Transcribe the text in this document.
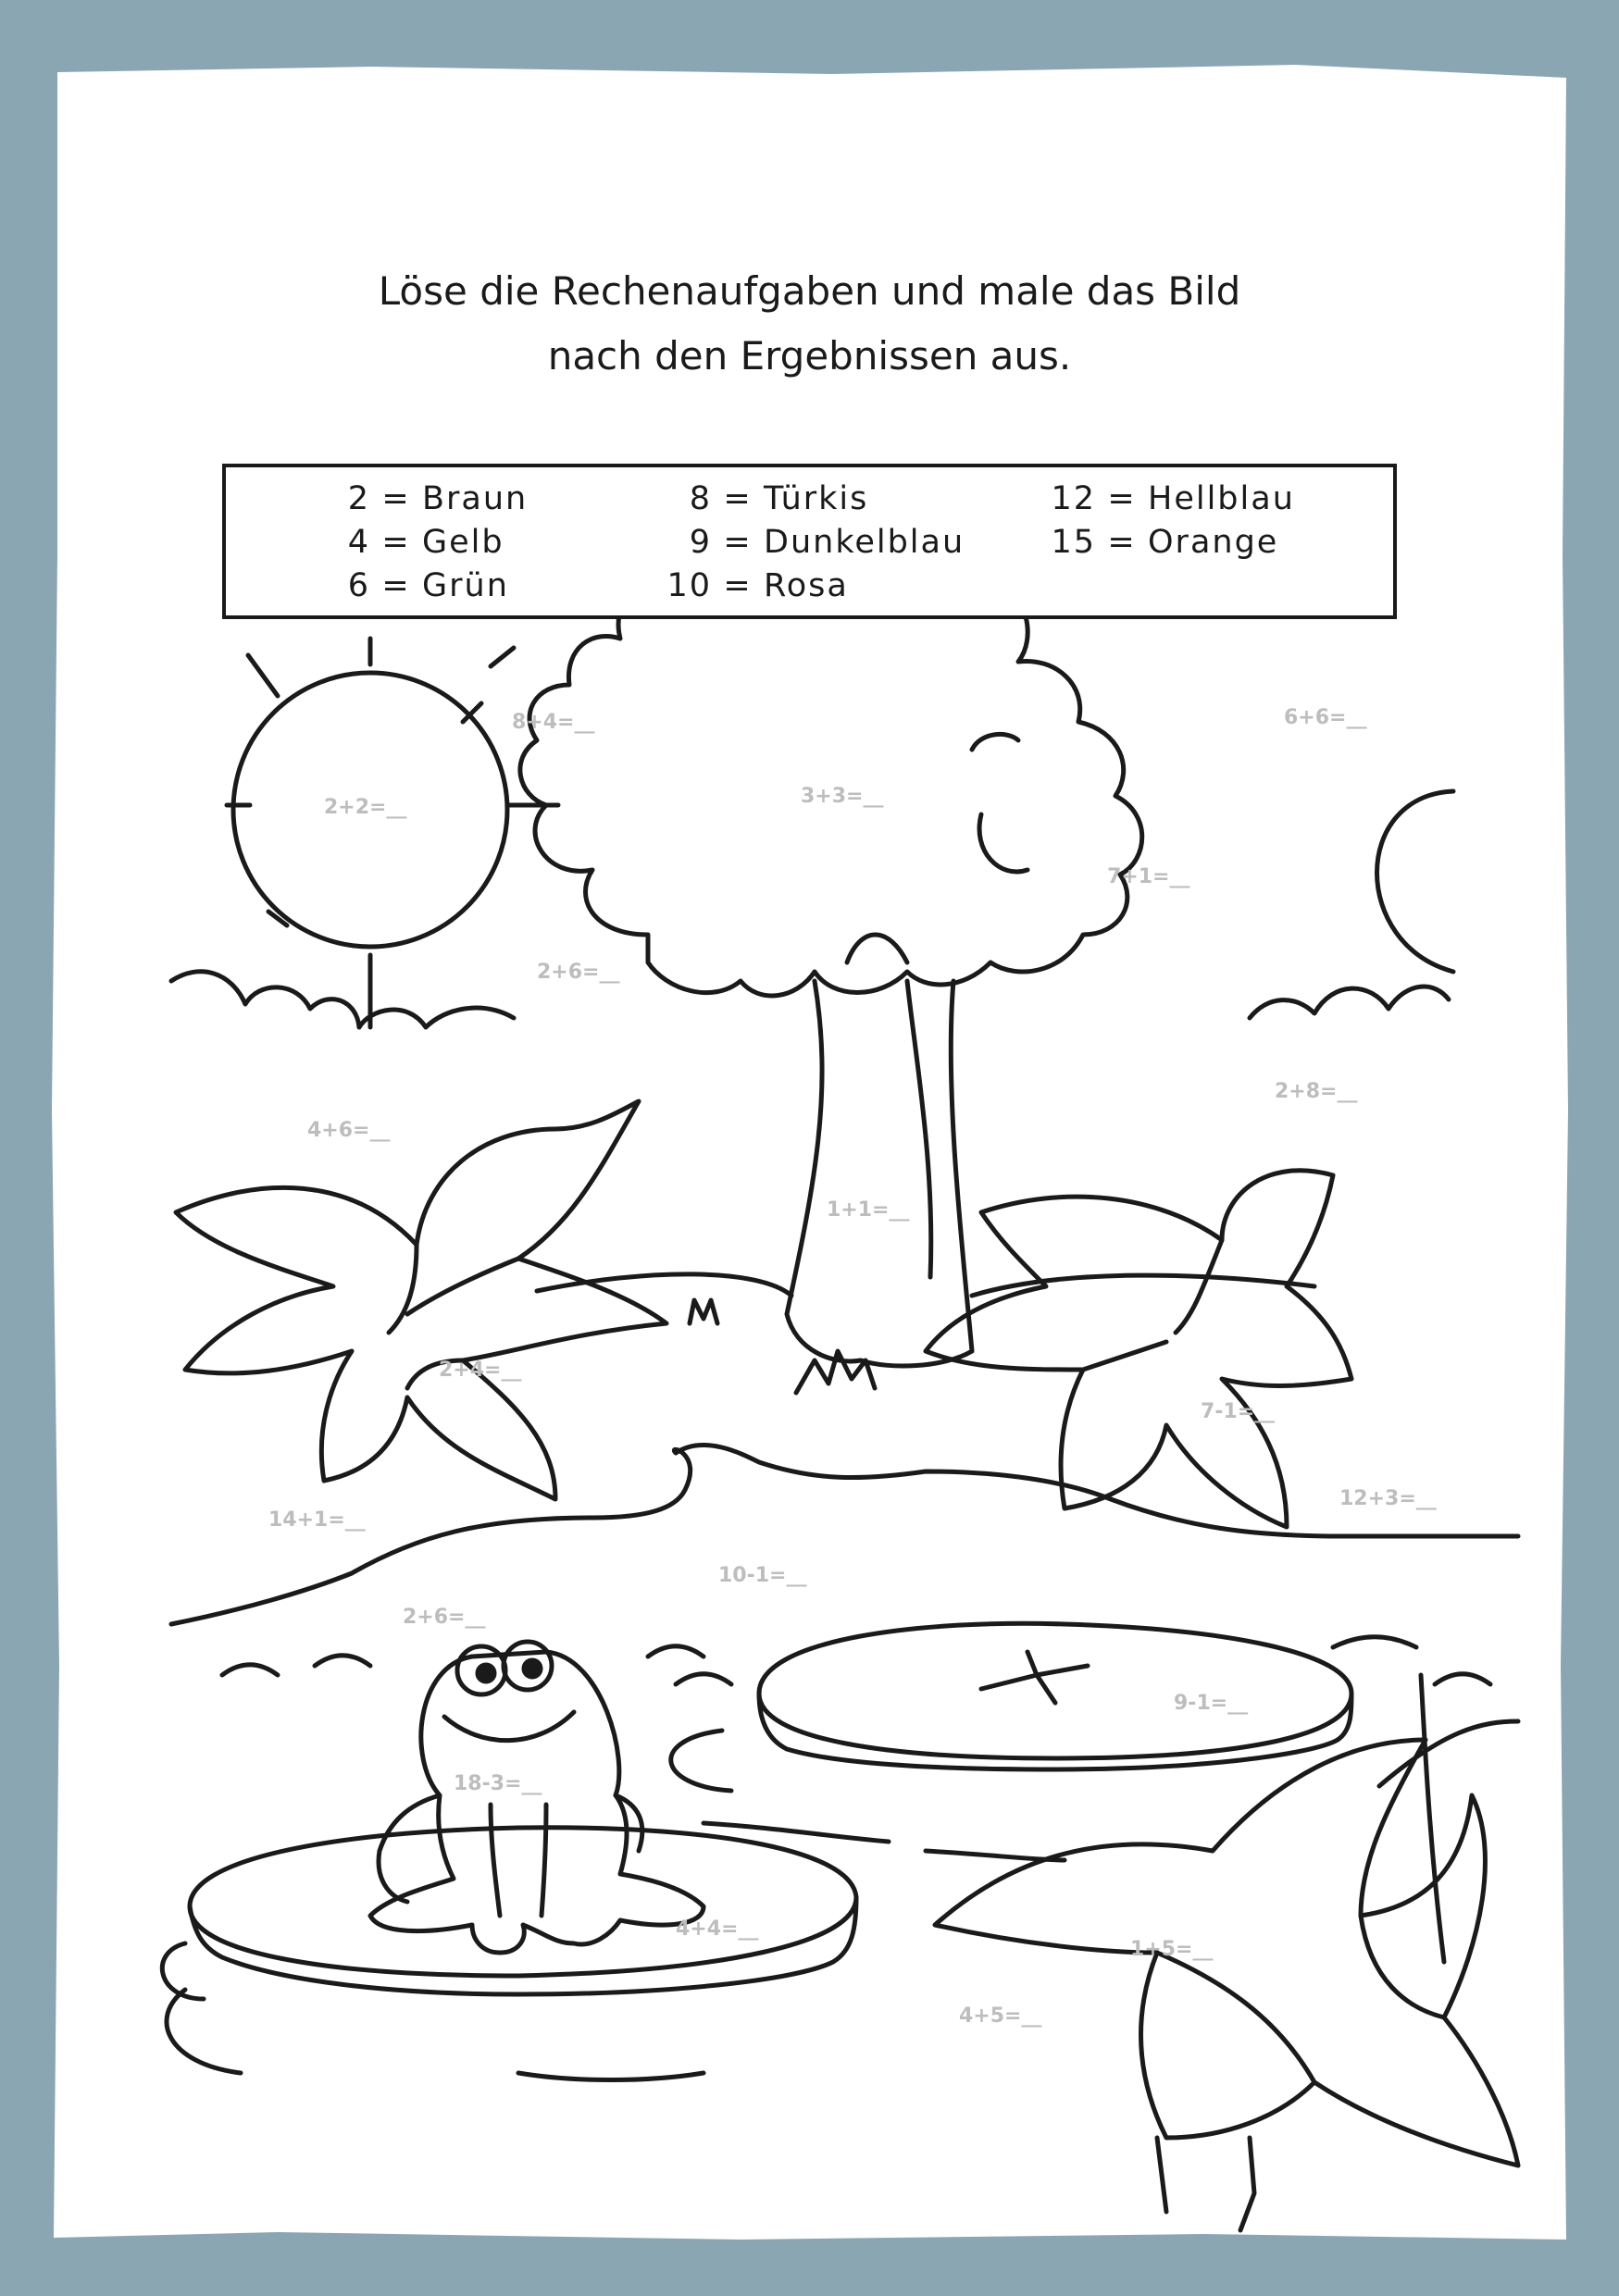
Löse die Rechenaufgaben und male das Bild
nach den Ergebnissen aus.
2 = Braun
4 = Gelb
6 = Grün
8 = Türkis
9 = Dunkelblau
10 = Rosa
12 = Hellblau
15 = Orange
8+4=__	6+6=__
2+2=__	3+3=__
7+1=__
2+6=__
2+8=__
4+6=__
1+1=__
2+4=__
7-1=__
14+1=__
12+3=__
10-1=__
2+6=__
9-1=__
18-3=__
4+4=__
1+5=__
4+5=__
